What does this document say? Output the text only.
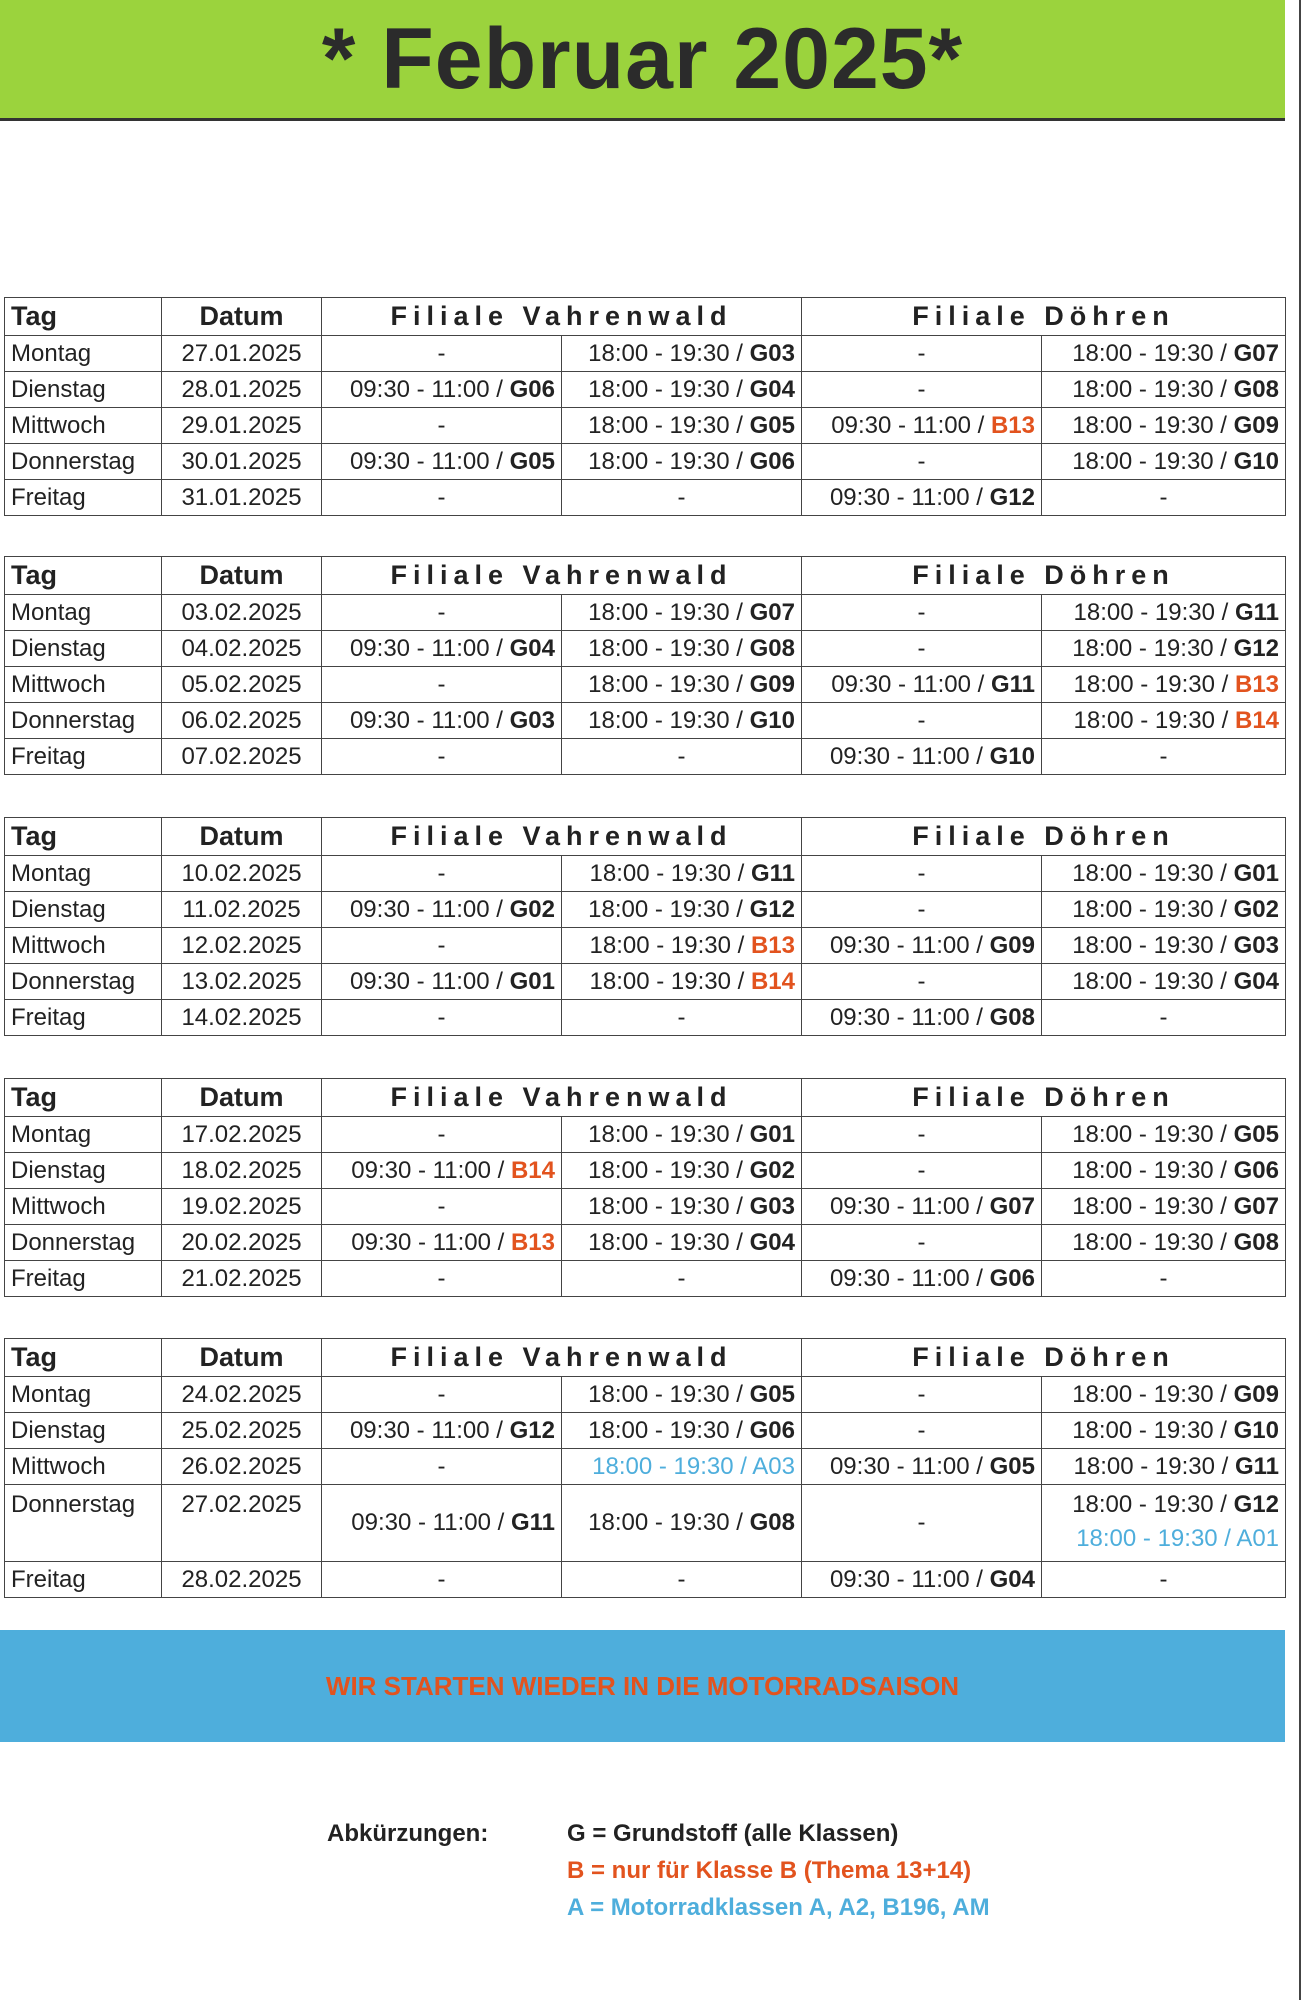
* Februar 2025*
Tag	Datum	Filiale Vahrenwald		Filiale Döhren	
Montag	27.01.2025	-	18:00 - 19:30 / G03	-	18:00 - 19:30 / G07
Dienstag	28.01.2025	09:30 - 11:00 / G06	18:00 - 19:30 / G04	-	18:00 - 19:30 / G08
Mittwoch	29.01.2025	-	18:00 - 19:30 / G05	09:30 - 11:00 / B13	18:00 - 19:30 / G09
Donnerstag	30.01.2025	09:30 - 11:00 / G05	18:00 - 19:30 / G06	-	18:00 - 19:30 / G10
Freitag	31.01.2025	-	-	09:30 - 11:00 / G12	-
Tag	Datum	Filiale Vahrenwald		Filiale Döhren	
Montag	03.02.2025	-	18:00 - 19:30 / G07	-	18:00 - 19:30 / G11
Dienstag	04.02.2025	09:30 - 11:00 / G04	18:00 - 19:30 / G08	-	18:00 - 19:30 / G12
Mittwoch	05.02.2025	-	18:00 - 19:30 / G09	09:30 - 11:00 / G11	18:00 - 19:30 / B13
Donnerstag	06.02.2025	09:30 - 11:00 / G03	18:00 - 19:30 / G10	-	18:00 - 19:30 / B14
Freitag	07.02.2025	-	-	09:30 - 11:00 / G10	-
Tag	Datum	Filiale Vahrenwald		Filiale Döhren	
Montag	10.02.2025	-	18:00 - 19:30 / G11	-	18:00 - 19:30 / G01
Dienstag	11.02.2025	09:30 - 11:00 / G02	18:00 - 19:30 / G12	-	18:00 - 19:30 / G02
Mittwoch	12.02.2025	-	18:00 - 19:30 / B13	09:30 - 11:00 / G09	18:00 - 19:30 / G03
Donnerstag	13.02.2025	09:30 - 11:00 / G01	18:00 - 19:30 / B14	-	18:00 - 19:30 / G04
Freitag	14.02.2025	-	-	09:30 - 11:00 / G08	-
Tag	Datum	Filiale Vahrenwald		Filiale Döhren	
Montag	17.02.2025	-	18:00 - 19:30 / G01	-	18:00 - 19:30 / G05
Dienstag	18.02.2025	09:30 - 11:00 / B14	18:00 - 19:30 / G02	-	18:00 - 19:30 / G06
Mittwoch	19.02.2025	-	18:00 - 19:30 / G03	09:30 - 11:00 / G07	18:00 - 19:30 / G07
Donnerstag	20.02.2025	09:30 - 11:00 / B13	18:00 - 19:30 / G04	-	18:00 - 19:30 / G08
Freitag	21.02.2025	-	-	09:30 - 11:00 / G06	-
Tag	Datum	Filiale Vahrenwald		Filiale Döhren	
Montag	24.02.2025	-	18:00 - 19:30 / G05	-	18:00 - 19:30 / G09
Dienstag	25.02.2025	09:30 - 11:00 / G12	18:00 - 19:30 / G06	-	18:00 - 19:30 / G10
Mittwoch	26.02.2025	-	18:00 - 19:30 / A03	09:30 - 11:00 / G05	18:00 - 19:30 / G11
Donnerstag	27.02.2025	09:30 - 11:00 / G11	18:00 - 19:30 / G08	-	18:00 - 19:30 / G12
18:00 - 19:30 / A01

Freitag	28.02.2025	-	-	09:30 - 11:00 / G04	-
WIR STARTEN WIEDER IN DIE MOTORRADSAISON
Abkürzungen:	G = Grundstoff (alle Klassen)
B = nur für Klasse B (Thema 13+14)
A = Motorradklassen A, A2, B196, AM
